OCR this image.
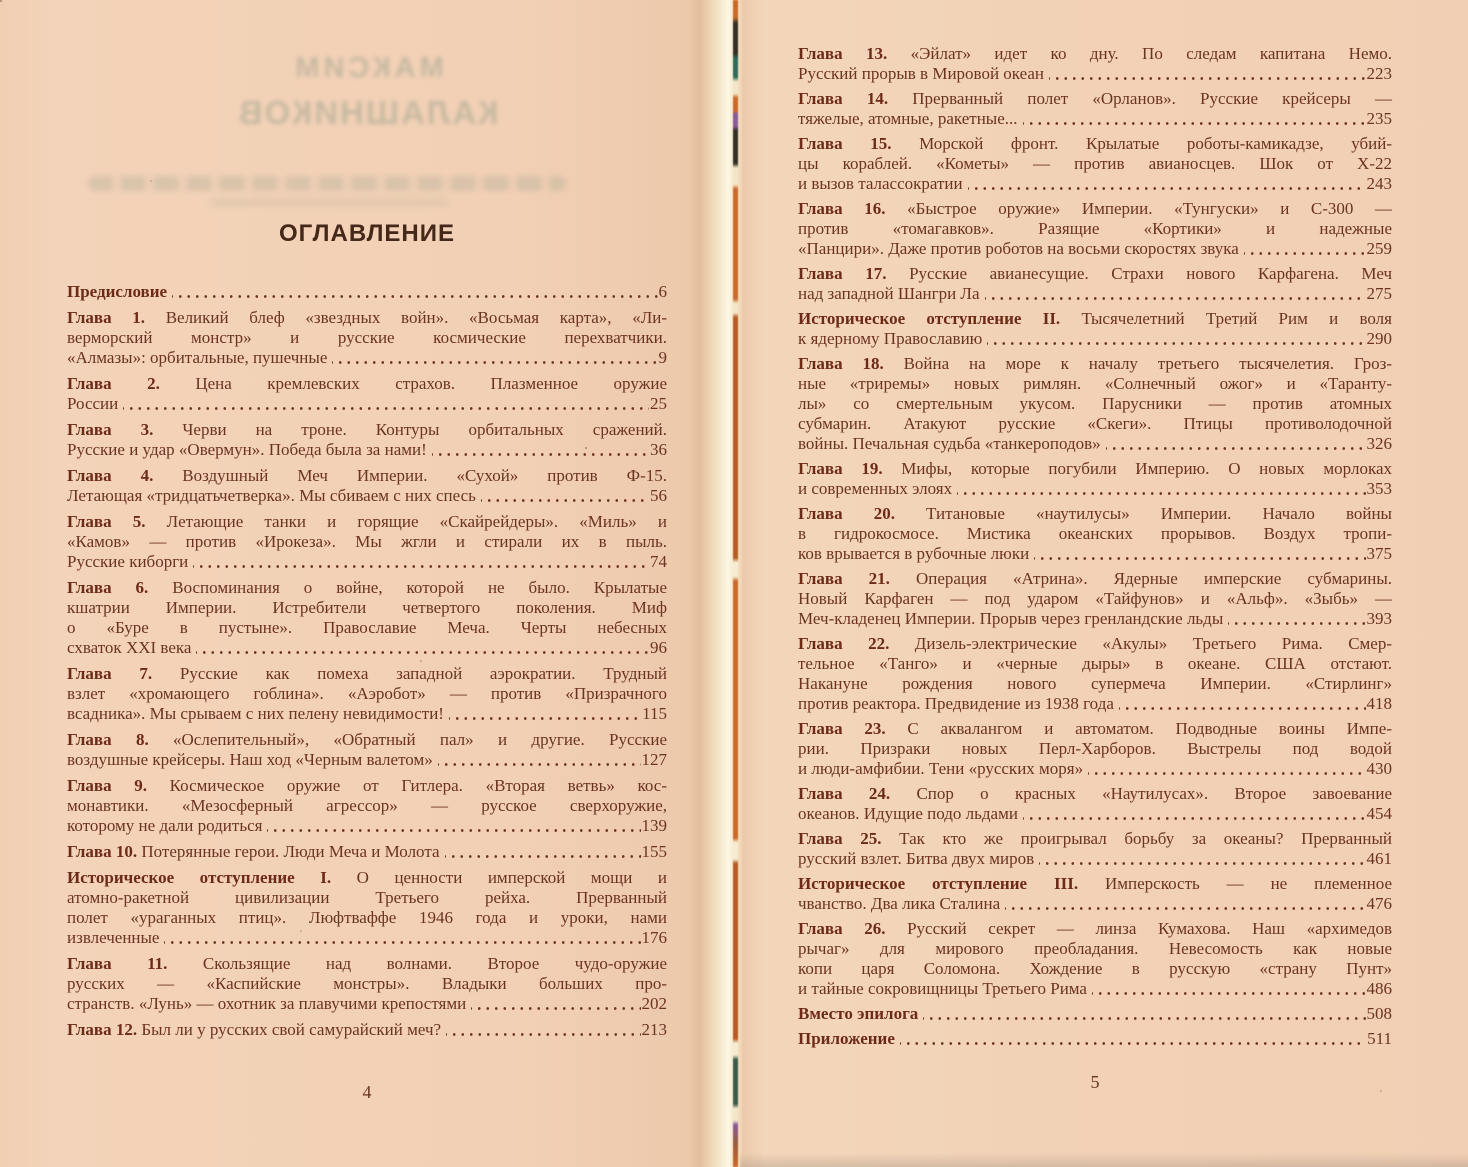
МАКСИМ
КАЛАШНИКОВ
ОГЛАВЛЕНИЕ
Предисловие	6
Глава 1. Великий блеф «звездных войн». «Восьмая карта», «Ли-
верморский монстр» и русские космические перехватчики.
«Алмазы»: орбитальные, пушечные	9
Глава 2. Цена кремлевских страхов. Плазменное оружие
России	25
Глава 3. Черви на троне. Контуры орбитальных сражений.
Русские и удар «Овермун». Победа была за нами!	36
Глава 4. Воздушный Меч Империи. «Сухой» против Ф-15.
Летающая «тридцатьчетверка». Мы сбиваем с них спесь	56
Глава 5. Летающие танки и горящие «Скайрейдеры». «Миль» и
«Камов» — против «Ирокеза». Мы жгли и стирали их в пыль.
Русские киборги	74
Глава 6. Воспоминания о войне, которой не было. Крылатые
кшатрии Империи. Истребители четвертого поколения. Миф
о «Буре в пустыне». Православие Меча. Черты небесных
схваток XXI века	96
Глава 7. Русские как помеха западной аэрократии. Трудный
взлет «хромающего гоблина». «Аэробот» — против «Призрачного
всадника». Мы срываем с них пелену невидимости!	115
Глава 8. «Ослепительный», «Обратный пал» и другие. Русские
воздушные крейсеры. Наш ход «Черным валетом»	127
Глава 9. Космическое оружие от Гитлера. «Вторая ветвь» кос-
монавтики. «Мезосферный агрессор» — русское сверхоружие,
которому не дали родиться	139
Глава 10. Потерянные герои. Люди Меча и Молота	155
Историческое отступление I. О ценности имперской мощи и
атомно-ракетной цивилизации Третьего рейха. Прерванный
полет «ураганных птиц». Люфтваффе 1946 года и уроки, нами
извлеченные	176
Глава 11. Скользящие над волнами. Второе чудо-оружие
русских — «Каспийские монстры». Владыки больших про-
странств. «Лунь» — охотник за плавучими крепостями	202
Глава 12. Был ли у русских свой самурайский меч?	213
4
Глава 13. «Эйлат» идет ко дну. По следам капитана Немо.
Русский прорыв в Мировой океан	223
Глава 14. Прерванный полет «Орланов». Русские крейсеры —
тяжелые, атомные, ракетные...	235
Глава 15. Морской фронт. Крылатые роботы-камикадзе, убий-
цы кораблей. «Кометы» — против авианосцев. Шок от Х-22
и вызов талассократии	243
Глава 16. «Быстрое оружие» Империи. «Тунгуски» и С-300 —
против «томагавков». Разящие «Кортики» и надежные
«Панцири». Даже против роботов на восьми скоростях звука	259
Глава 17. Русские авианесущие. Страхи нового Карфагена. Меч
над западной Шангри Ла	275
Историческое отступление II. Тысячелетний Третий Рим и воля
к ядерному Православию	290
Глава 18. Война на море к началу третьего тысячелетия. Гроз-
ные «триремы» новых римлян. «Солнечный ожог» и «Таранту-
лы» со смертельным укусом. Парусники — против атомных
субмарин. Атакуют русские «Скеги». Птицы противолодочной
войны. Печальная судьба «танкероподов»	326
Глава 19. Мифы, которые погубили Империю. О новых морлоках
и современных элоях	353
Глава 20. Титановые «наутилусы» Империи. Начало войны
в гидрокосмосе. Мистика океанских прорывов. Воздух тропи-
ков врывается в рубочные люки	375
Глава 21. Операция «Атрина». Ядерные имперские субмарины.
Новый Карфаген — под ударом «Тайфунов» и «Альф». «Зыбь» —
Меч-кладенец Империи. Прорыв через гренландские льды	393
Глава 22. Дизель-электрические «Акулы» Третьего Рима. Смер-
тельное «Танго» и «черные дыры» в океане. США отстают.
Накануне рождения нового супермеча Империи. «Стирлинг»
против реактора. Предвидение из 1938 года	418
Глава 23. С аквалангом и автоматом. Подводные воины Импе-
рии. Призраки новых Перл-Харборов. Выстрелы под водой
и люди-амфибии. Тени «русских моря»	430
Глава 24. Спор о красных «Наутилусах». Второе завоевание
океанов. Идущие подо льдами	454
Глава 25. Так кто же проигрывал борьбу за океаны? Прерванный
русский взлет. Битва двух миров	461
Историческое отступление III. Имперскость — не племенное
чванство. Два лика Сталина	476
Глава 26. Русский секрет — линза Кумахова. Наш «архимедов
рычаг» для мирового преобладания. Невесомость как новые
копи царя Соломона. Хождение в русскую «страну Пунт»
и тайные сокровищницы Третьего Рима	486
Вместо эпилога	508
Приложение	511
5
